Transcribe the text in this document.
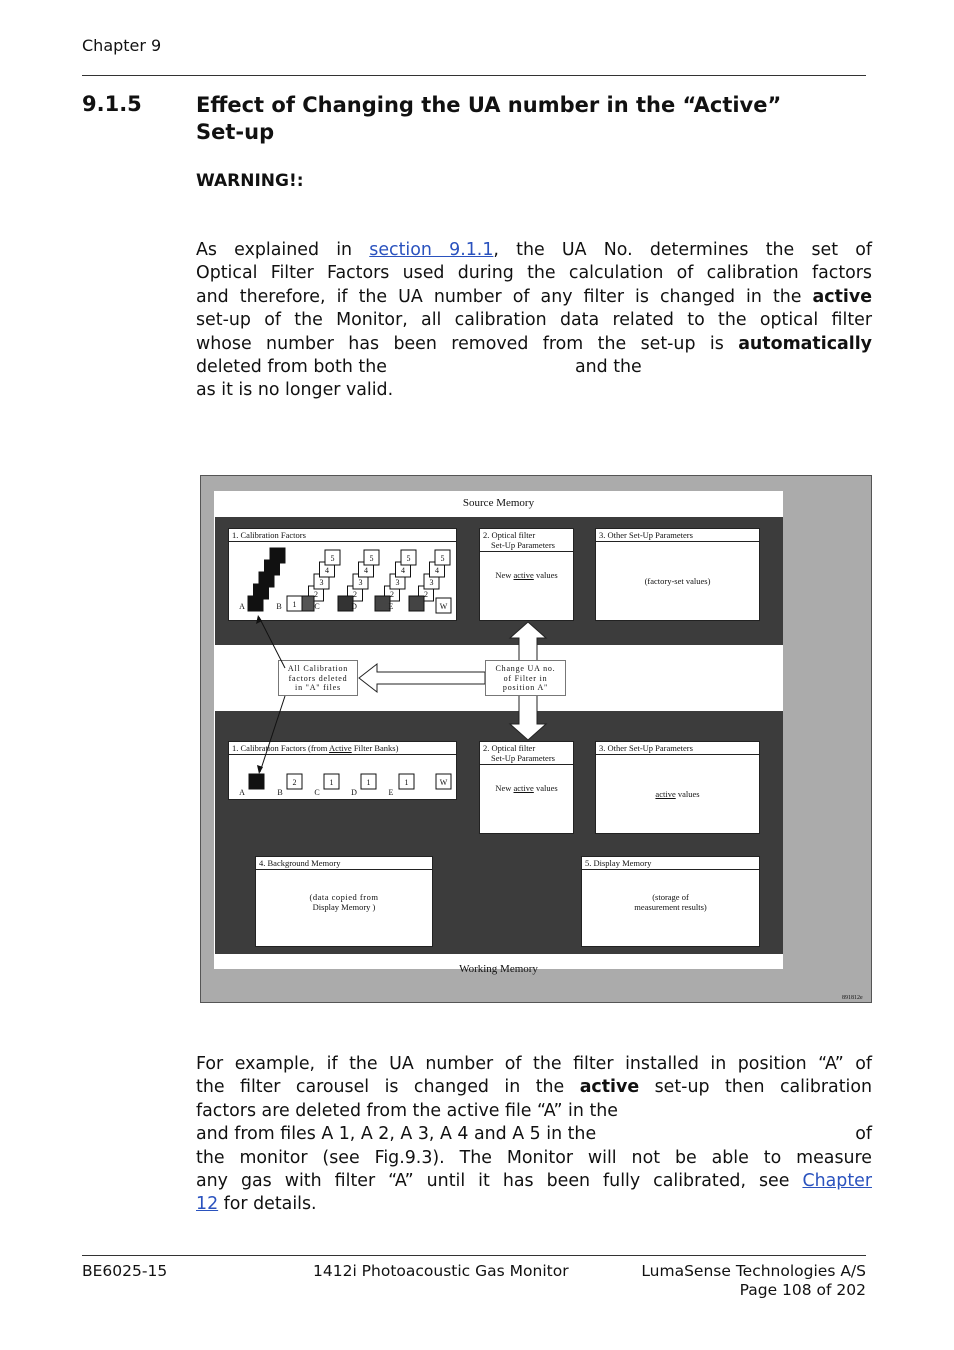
Chapter 9
9.1.5	Effect of Changing the UA number in the “Active”
Set-up
WARNING!:
As explained in section 9.1.1, the UA No. determines the set of
Optical Filter Factors used during the calculation of calibration factors
and therefore, if the UA number of any filter is changed in the active
set-up of the Monitor, all calibration data related to the optical filter
whose number has been removed from the set-up is automatically
deleted from both the	and the
as it is no longer valid.
Source Memory
1. Calibration Factors	2. Optical filter
Set-Up Parameters
New active values
3. Other Set-Up Parameters
(factory-set values)
1. Calibration Factors (from Active Filter Banks)	2. Optical filter
Set-Up Parameters
New active values
3. Other Set-Up Parameters
active values
4. Background Memory
(data copied from
Display Memory )
5. Display Memory
(storage of
measurement results)
Working Memory
All Calibration
factors deleted
in "A" files
Change UA no.
of Filter in
position A"
2
3
4
5
2
3
4
5
2
3
4
5
2
3
4
5
1	W
A	B	C	D	E
2	1	1	1	W
A	B	C	D	E
891812e
For example, if the UA number of the filter installed in position “A” of
the filter carousel is changed in the active set-up then calibration
factors are deleted from the active file “A” in the
and from files A 1, A 2, A 3, A 4 and A 5 in the	of
the monitor (see Fig.9.3). The Monitor will not be able to measure
any gas with filter “A” until it has been fully calibrated, see Chapter
12 for details.
BE6025-15	1412i Photoacoustic Gas Monitor	LumaSense Technologies A/S
Page 108 of 202
